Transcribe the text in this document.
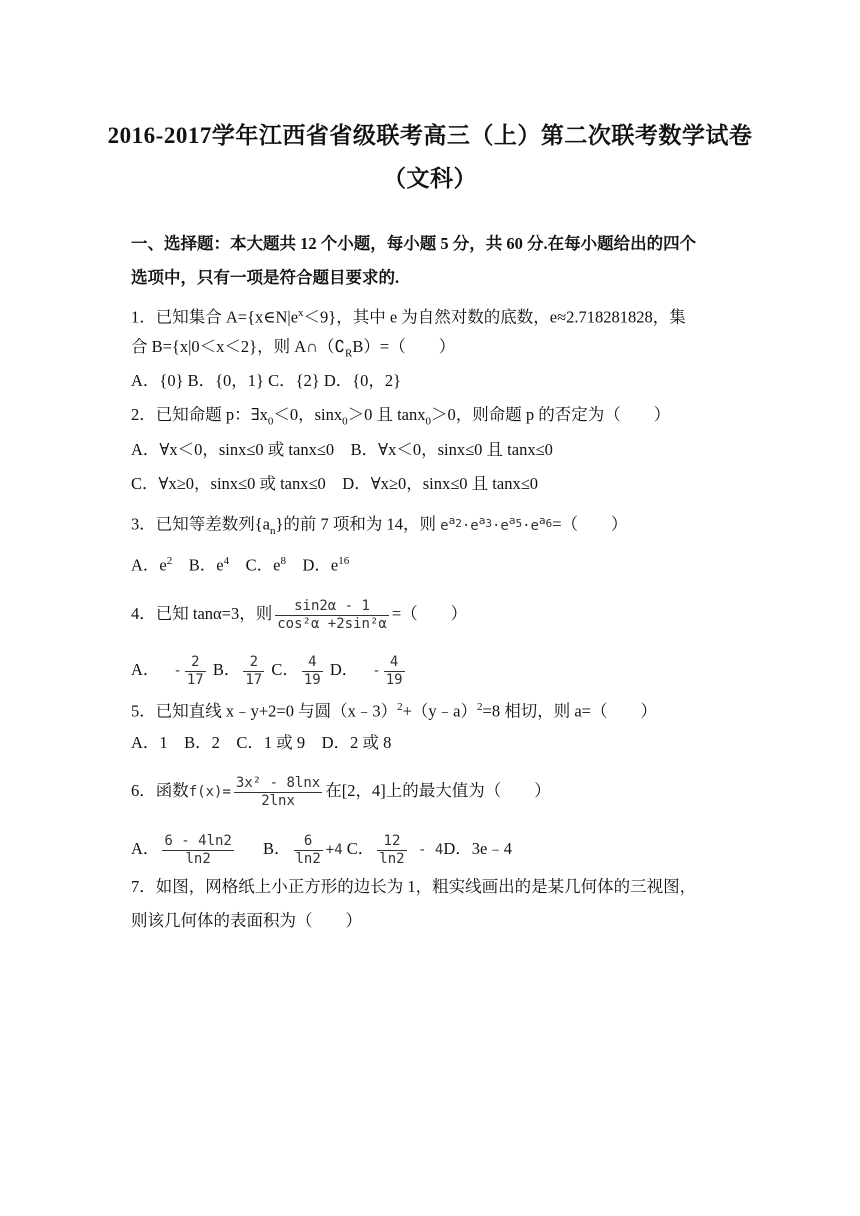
2016-2017学年江西省省级联考高三（上）第二次联考数学试卷
（文科）
一、选择题：本大题共 12 个小题，每小题 5 分，共 60 分.在每小题给出的四个
选项中，只有一项是符合题目要求的.
1．已知集合 $A=\{x\in N|e^x<9\}$，其中 e 为自然对数的底数，e≈2.718281828，集
合 B={x|0＜x＜2}，则 $A\cap(∁_RB)=$（　　）
A．{0} B．{0，1} C．{2} D．{0，2}
2．已知命题 p：$\exists x_0<0$，sinx$_0$＞0 且 tanx$_0$＞0，则命题 p 的否定为（　　）
A．∀x＜0，sinx≤0 或 tanx≤0　B．∀x＜0，sinx≤0 且 tanx≤0
C．∀x≥0，sinx≤0 或 tanx≤0　D．∀x≥0，sinx≤0 且 tanx≤0
3．已知等差数列$\{a_n\}$的前 7 项和为 14，则 $e^{a_2}\cdot e^{a_3}\cdot e^{a_5}\cdot e^{a_6}=$（　　）
A．$e^2$　B．$e^4$　C．$e^8$　D．$e^{16}$
4．已知 tanα=3，则 $\frac{\sin 2\alpha - 1}{\text{cos²α +2sin²α}}$ =（　　）
A． - $\frac{2}{17}$ B． $\frac{2}{17}$ C． $\frac{4}{19}$ D． - $\frac{4}{19}$
5．已知直线 x﹣y+2=0 与圆（x﹣3）$^2$+（y﹣a）$^2$=8 相切，则 a=（　　）
A．1　B．2　C．1 或 9　D．2 或 8
6．函数$f(x)= \frac{\text{3x² - 8lnx}}{2\ln x}$ 在[2，4]上的最大值为（　　）
A． $\frac{6 - 4\ln 2}{\ln 2}$ B． $\frac{6}{\ln 2} +4$ C． $\frac{12}{\ln 2} - 4D$．3e﹣4
7．如图，网格纸上小正方形的边长为 1，粗实线画出的是某几何体的三视图，
则该几何体的表面积为（　　）
